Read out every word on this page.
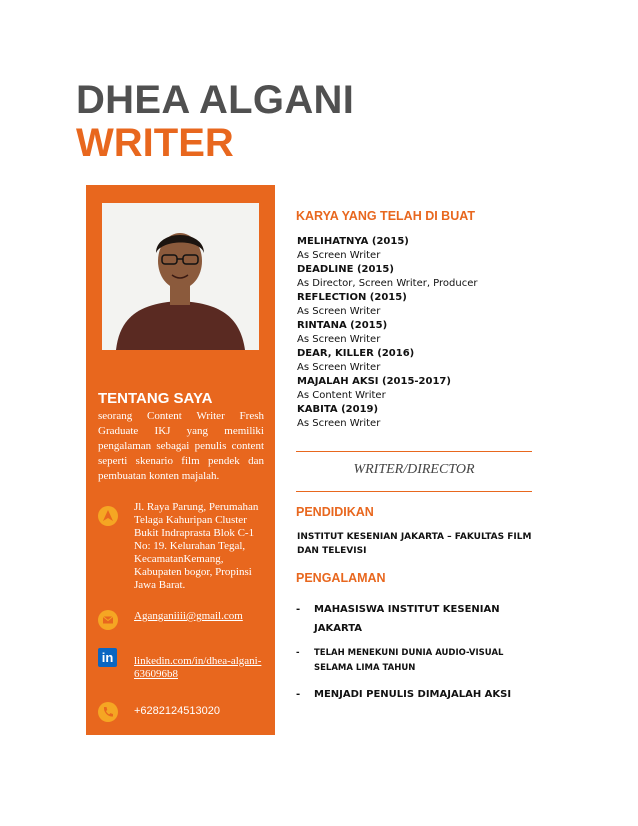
DHEA ALGANI
WRITER
TENTANG SAYA
seorang Content Writer Fresh Graduate IKJ yang memiliki pengalaman sebagai penulis content seperti skenario film pendek dan pembuatan konten majalah.
Jl. Raya Parung, Perumahan Telaga Kahuripan Cluster Bukit Indraprasta Blok C-1 No: 19. Kelurahan Tegal, KecamatanKemang, Kabupaten bogor, Propinsi Jawa Barat.
Aganganiiii@gmail.com
in	linkedin.com/in/dhea-algani-636096b8
+6282124513020
KARYA YANG TELAH DI BUAT
MELIHATNYA (2015)
As Screen Writer
DEADLINE (2015)
As Director, Screen Writer, Producer
REFLECTION (2015)
As Screen Writer
RINTANA (2015)
As Screen Writer
DEAR, KILLER (2016)
As Screen Writer
MAJALAH AKSI (2015-2017)
As Content Writer
KABITA (2019)
As Screen Writer
WRITER/DIRECTOR
PENDIDIKAN
INSTITUT KESENIAN JAKARTA – FAKULTAS FILM DAN TELEVISI
PENGALAMAN
- MAHASISWA INSTITUT KESENIAN JAKARTA
- TELAH MENEKUNI DUNIA AUDIO-VISUAL SELAMA LIMA TAHUN
- MENJADI PENULIS DIMAJALAH AKSI
